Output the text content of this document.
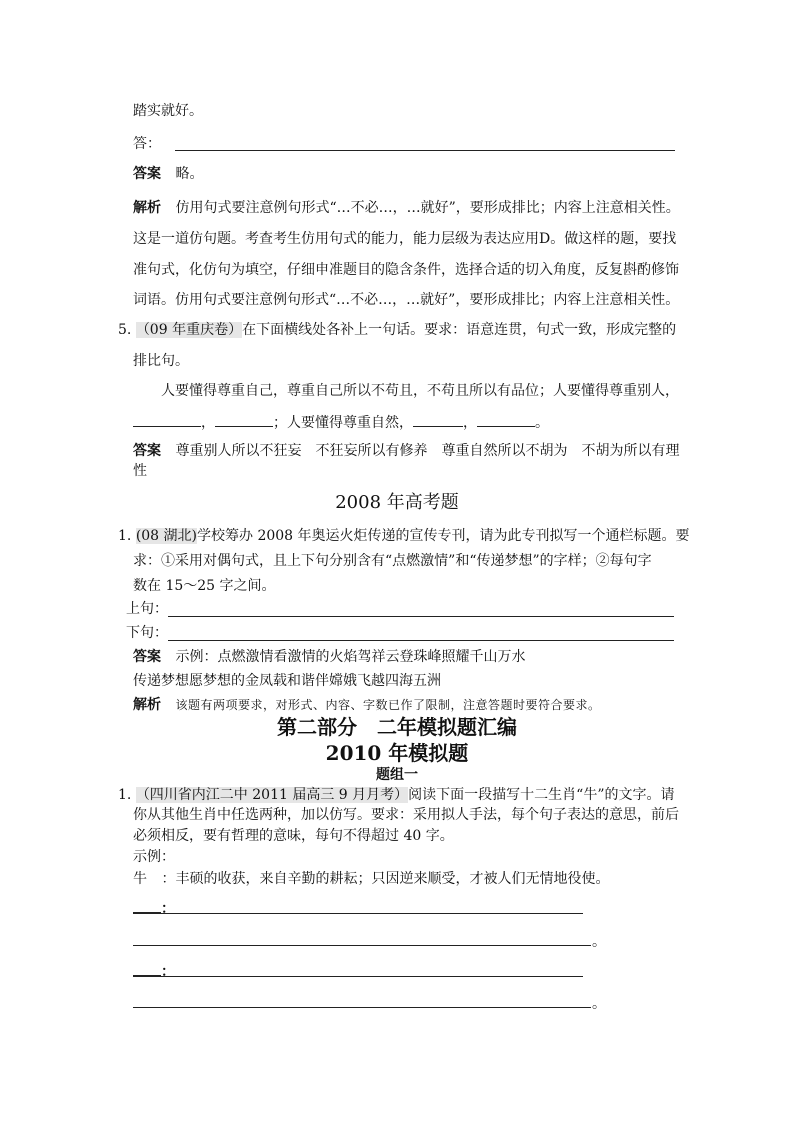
踏实就好。
答：
答案 略。
解析 仿用句式要注意例句形式“…不必…，…就好”，要形成排比；内容上注意相关性。
这是一道仿句题。考查考生仿用句式的能力，能力层级为表达应用D。做这样的题，要找
准句式，化仿句为填空，仔细申准题目的隐含条件，选择合适的切入角度，反复斟酌修饰
词语。仿用句式要注意例句形式“…不必…，…就好”，要形成排比；内容上注意相关性。
5. （09 年重庆卷）在下面横线处各补上一句话。要求：语意连贯，句式一致，形成完整的
排比句。
人要懂得尊重自己，尊重自己所以不苟且，不苟且所以有品位；人要懂得尊重别人，
，	；人要懂得尊重自然，	，	。
答案 尊重别人所以不狂妄　不狂妄所以有修养　尊重自然所以不胡为　不胡为所以有理
性
2008 年高考题
1. (08 湖北)学校筹办 2008 年奥运火炬传递的宣传专刊，请为此专刊拟写一个通栏标题。要
求：①采用对偶句式，且上下句分别含有“点燃激情”和“传递梦想”的字样；②每句字
数在 15～25 字之间。
上句：
下句：
答案 示例：点燃激情看激情的火焰驾祥云登珠峰照耀千山万水
传递梦想愿梦想的金凤载和谐伴嫦娥飞越四海五洲
解析 该题有两项要求，对形式、内容、字数已作了限制，注意答题时要符合要求。
第二部分　二年模拟题汇编
2010 年模拟题
题组一
1. （四川省内江二中 2011 届高三 9 月月考）阅读下面一段描写十二生肖“牛”的文字。请
你从其他生肖中任选两种，加以仿写。要求：采用拟人手法，每个句子表达的意思，前后
必须相反，要有哲理的意味，每句不得超过 40 字。
示例：
牛 ：丰硕的收获，来自辛勤的耕耘；只因逆来顺受，才被人们无情地役使。
：
。
：
。
